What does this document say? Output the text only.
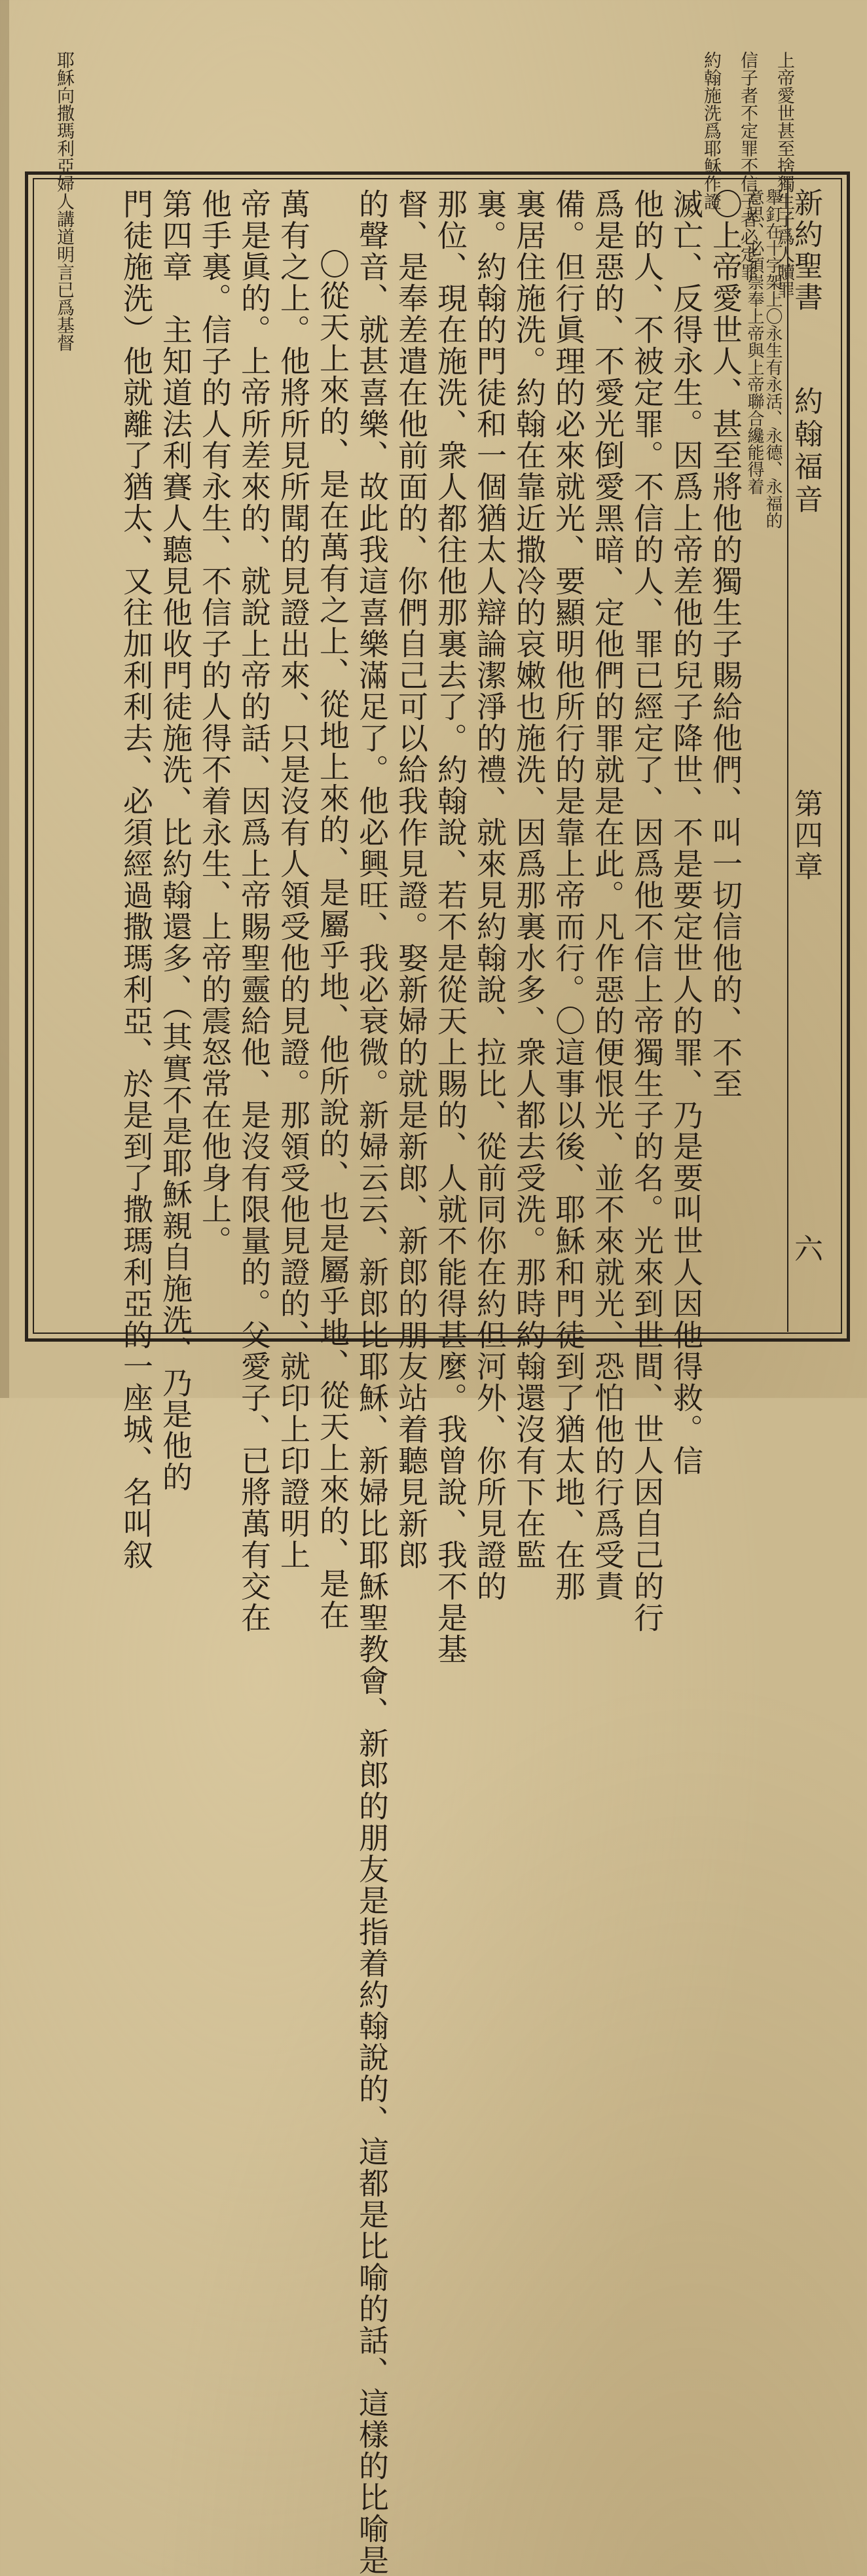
上帝愛世甚至捨獨生子爲人贖罪
信子者不定罪不信子者必定罪
約翰施洗爲耶穌作證
耶穌向撒瑪利亞婦人講道明言已爲基督	新約聖書
約翰福音
第四章
六
舉釘在十字架上〇永生有永活、永德、永福的
意思、必須崇奉上帝與上帝聯合纔能得着
〇上帝愛世人、甚至將他的獨生子賜給他們、叫一切信他的、不至
滅亡、反得永生。因爲上帝差他的兒子降世、不是要定世人的罪、乃是要叫世人因他得救。信
他的人、不被定罪。不信的人、罪已經定了、因爲他不信上帝獨生子的名。光來到世間、世人因自己的行
爲是惡的、不愛光倒愛黑暗、定他們的罪就是在此。凡作惡的便恨光、並不來就光、恐怕他的行爲受責
備。但行眞理的必來就光、要顯明他所行的是靠上帝而行。〇這事以後、耶穌和門徒到了猶太地、在那
裏居住施洗。約翰在靠近撒冷的哀嫩也施洗、因爲那裏水多、衆人都去受洗。那時約翰還沒有下在監
裏。約翰的門徒和一個猶太人辯論潔淨的禮、就來見約翰說、拉比、從前同你在約但河外、你所見證的
那位、現在施洗、衆人都往他那裏去了。約翰說、若不是從天上賜的、人就不能得甚麼。我曾說、我不是基
督、是奉差遣在他前面的、你們自己可以給我作見證。娶新婦的就是新郎、新郎的朋友站着聽見新郎
的聲音、就甚喜樂、故此我這喜樂滿足了。他必興旺、我必衰微。新婦云云、新郎比耶穌、新婦比耶穌聖教會、新郎的朋友是指着約翰說的、這都是比喻的話、這樣的比喻是
〇從天上來的、是在萬有之上、從地上來的、是屬乎地、他所說的、也是屬乎地、從天上來的、是在
萬有之上。他將所見所聞的見證出來、只是沒有人領受他的見證。那領受他見證的、就印上印證明上
帝是眞的。上帝所差來的、就說上帝的話、因爲上帝賜聖靈給他、是沒有限量的。父愛子、已將萬有交在
他手裏。信子的人有永生、不信子的人得不着永生、上帝的震怒常在他身上。
第四章　主知道法利賽人聽見他收門徒施洗、比約翰還多、（其實不是耶穌親自施洗、乃是他的
門徒施洗）他就離了猶太、又往加利利去、必須經過撒瑪利亞、於是到了撒瑪利亞的一座城、名叫叙
